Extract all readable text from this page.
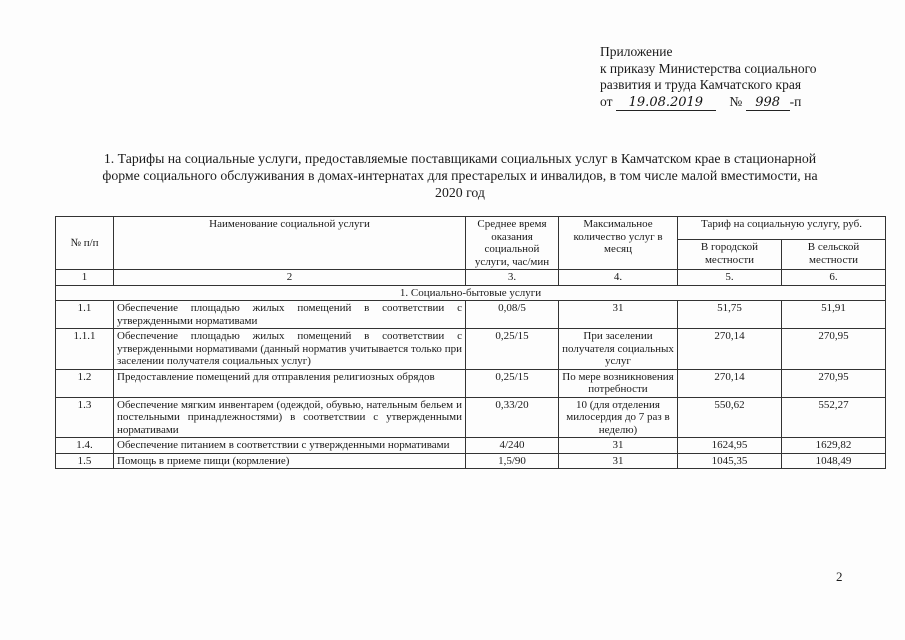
Приложение
к приказу Министерства социального
развития и труда Камчатского края
от 19.08.2019 № 998 -п
1. Тарифы на социальные услуги, предоставляемые поставщиками социальных услуг в Камчатском крае в стационарной форме социального обслуживания в домах-интернатах для престарелых и инвалидов, в том числе малой вместимости, на 2020 год
№ п/п	Наименование социальной услуги	Среднее время оказания социальной услуги, час/мин	Максимальное количество услуг в месяц	Тариф на социальную услугу, руб.	
				В городской местности	В сельской местности
1	2	3.	4.	5.	6.
1. Социально-бытовые услуги					
1.1	Обеспечение площадью жилых помещений в соответствии с утвержденными нормативами	0,08/5	31	51,75	51,91
1.1.1	Обеспечение площадью жилых помещений в соответствии с утвержденными нормативами (данный норматив учитывается только при заселении получателя социальных услуг)	0,25/15	При заселении получателя социальных услуг	270,14	270,95
1.2	Предоставление помещений для отправления религиозных обрядов	0,25/15	По мере возникновения потребности	270,14	270,95
1.3	Обеспечение мягким инвентарем (одеждой, обувью, нательным бельем и постельными принадлежностями) в соответствии с утвержденными нормативами	0,33/20	10 (для отделения милосердия до 7 раз в неделю)	550,62	552,27
1.4.	Обеспечение питанием в соответствии с утвержденными нормативами	4/240	31	1624,95	1629,82
1.5	Помощь в приеме пищи (кормление)	1,5/90	31	1045,35	1048,49
2
